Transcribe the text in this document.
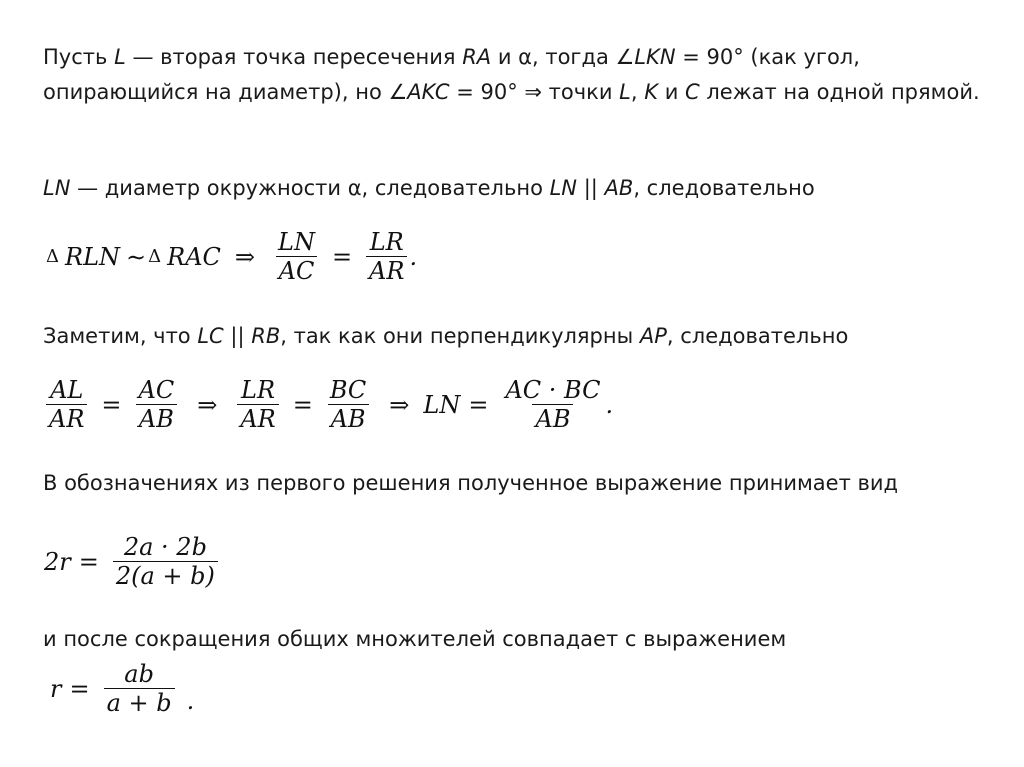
Пусть L — вторая точка пересечения RA и α, тогда ∠LKN = 90° (как угол, опирающийся на диаметр), но ∠AKC = 90° ⇒ точки L, K и C лежат на одной прямой.

LN — диаметр окружности α, следовательно LN || AB, следовательно

Δ RLN ∼ Δ RAC ⇒ $\frac{LN}{AC} = \frac{LR}{AR}$ .

Заметим, что LC || RB, так как они перпендикулярны AP, следовательно

$\frac{AL}{AR} = \frac{AC}{AB}$ ⇒ $\frac{LR}{AR} = \frac{BC}{AB}$ ⇒ LN = $\frac{AC \cdot BC}{AB}$ .

В обозначениях из первого решения полученное выражение принимает вид

$2r = \frac{2a \cdot 2b}{2(a + b)}$

и после сокращения общих множителей совпадает с выражением

$r = \frac{ab}{a + b}$ .
